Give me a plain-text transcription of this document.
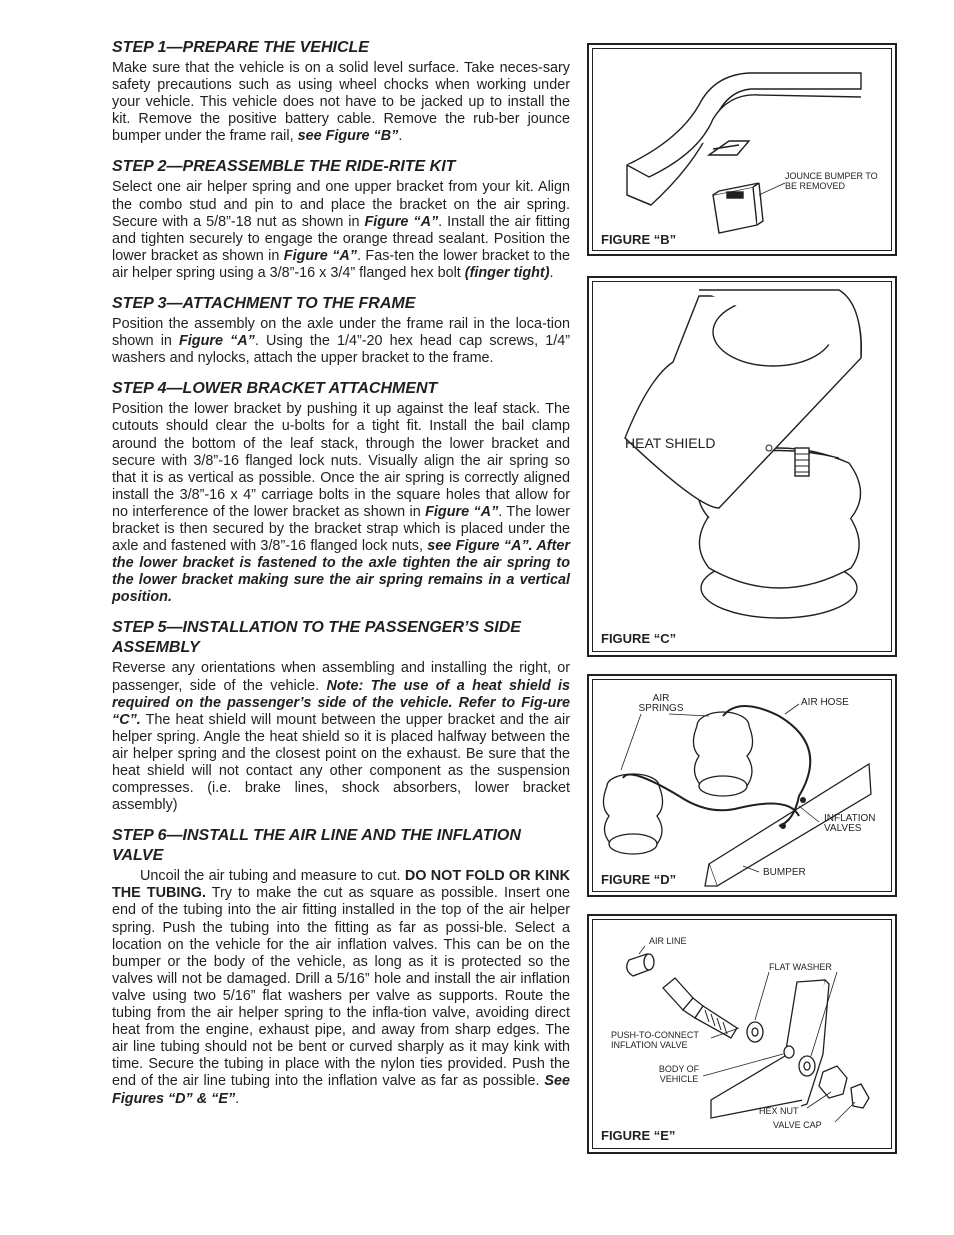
STEP 1—PREPARE THE VEHICLE

Make sure that the vehicle is on a solid level surface. Take neces-sary safety precautions such as using wheel chocks when working under your vehicle. This vehicle does not have to be jacked up to install the kit. Remove the positive battery cable. Remove the rub-ber jounce bumper under the frame rail, see Figure “B”.

STEP 2—PREASSEMBLE THE RIDE-RITE KIT

Select one air helper spring and one upper bracket from your kit. Align the combo stud and pin to and place the bracket on the air spring. Secure with a 5/8”-18 nut as shown in Figure “A”. Install the air fitting and tighten securely to engage the orange thread sealant. Position the lower bracket as shown in Figure “A”. Fas-ten the lower bracket to the air helper spring using a 3/8”-16 x 3/4” flanged hex bolt (finger tight).

STEP 3—ATTACHMENT TO THE FRAME

Position the assembly on the axle under the frame rail in the loca-tion shown in Figure “A”. Using the 1/4”-20 hex head cap screws, 1/4” washers and nylocks, attach the upper bracket to the frame.

STEP 4—LOWER BRACKET ATTACHMENT

Position the lower bracket by pushing it up against the leaf stack. The cutouts should clear the u-bolts for a tight fit. Install the bail clamp around the bottom of the leaf stack, through the lower bracket and secure with 3/8”-16 flanged lock nuts. Visually align the air spring so that it is as vertical as possible. Once the air spring is correctly aligned install the 3/8”-16 x 4” carriage bolts in the square holes that allow for no interference of the lower bracket as shown in Figure “A”. The lower bracket is then secured by the bracket strap which is placed under the axle and fastened with 3/8”-16 flanged lock nuts, see Figure “A”. After the lower bracket is fastened to the axle tighten the air spring to the lower bracket making sure the air spring remains in a vertical position.

STEP 5—INSTALLATION TO THE PASSENGER’S SIDE ASSEMBLY

Reverse any orientations when assembling and installing the right, or passenger, side of the vehicle. Note: The use of a heat shield is required on the passenger’s side of the vehicle. Refer to Fig-ure “C”. The heat shield will mount between the upper bracket and the air helper spring. Angle the heat shield so it is placed halfway between the air helper spring and the closest point on the exhaust. Be sure that the heat shield will not contact any other component as the suspension compresses. (i.e. brake lines, shock absorbers, lower bracket assembly)

STEP 6—INSTALL THE AIR LINE AND THE INFLATION VALVE

Uncoil the air tubing and measure to cut. DO NOT FOLD OR KINK THE TUBING. Try to make the cut as square as possible. Insert one end of the tubing into the air fitting installed in the top of the air helper spring. Push the tubing into the fitting as far as possi-ble. Select a location on the vehicle for the air inflation valves. This can be on the bumper or the body of the vehicle, as long as it is protected so the valves will not be damaged. Drill a 5/16” hole and install the air inflation valve using two 5/16” flat washers per valve as supports. Route the tubing from the air helper spring to the infla-tion valve, avoiding direct heat from the engine, exhaust pipe, and away from sharp edges. The air line tubing should not be bent or curved sharply as it may kink with time. Secure the tubing in place with the nylon ties provided. Push the end of the air line tubing into the inflation valve as far as possible. See Figures “D” & “E”.

JOUNCE BUMPER TO BE REMOVED
FIGURE “B”
HEAT SHIELD
FIGURE “C”
AIR SPRINGS
AIR HOSE
INFLATION VALVES
BUMPER
FIGURE “D”
AIR LINE
FLAT WASHER
PUSH-TO-CONNECT INFLATION VALVE
BODY OF VEHICLE
HEX NUT
VALVE CAP
FIGURE “E”
